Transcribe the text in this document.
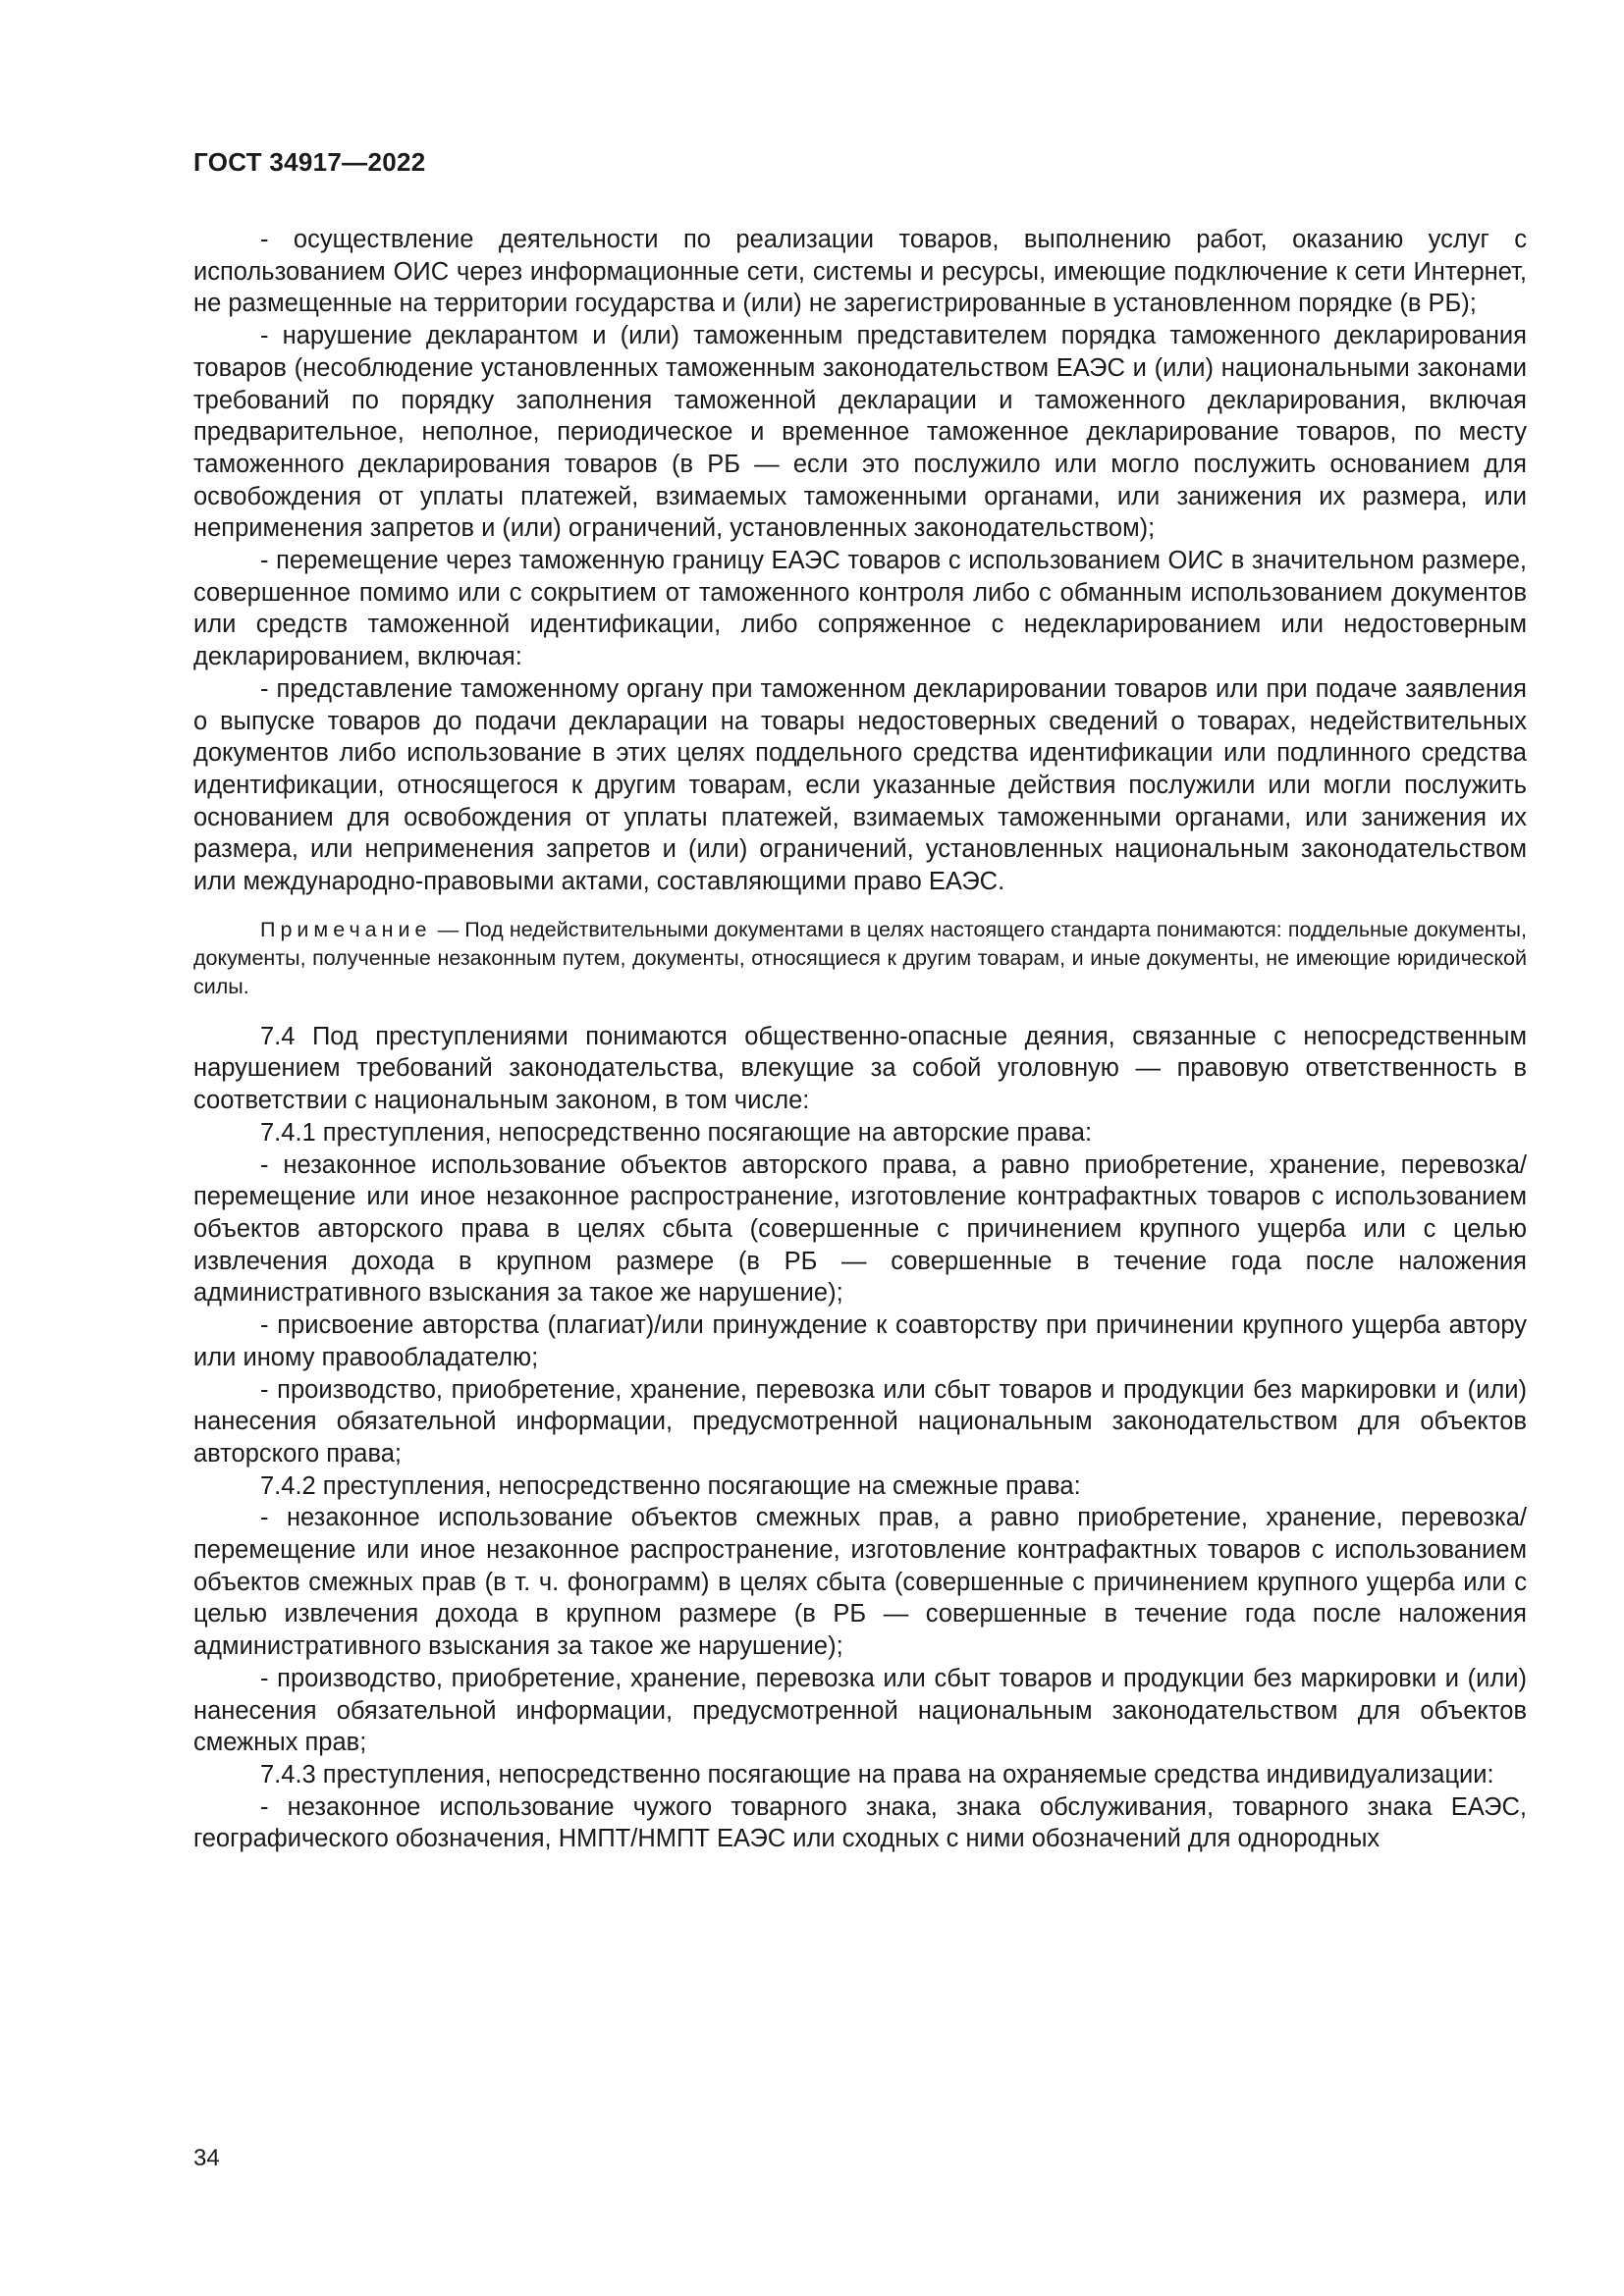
ГОСТ 34917—2022

- осуществление деятельности по реализации товаров, выполнению работ, оказанию услуг с использованием ОИС через информационные сети, системы и ресурсы, имеющие подключение к сети Интернет, не размещенные на территории государства и (или) не зарегистрированные в установленном порядке (в РБ);

- нарушение декларантом и (или) таможенным представителем порядка таможенного декларирования товаров (несоблюдение установленных таможенным законодательством ЕАЭС и (или) национальными законами требований по порядку заполнения таможенной декларации и таможенного декларирования, включая предварительное, неполное, периодическое и временное таможенное декларирование товаров, по месту таможенного декларирования товаров (в РБ — если это послужило или могло послужить основанием для освобождения от уплаты платежей, взимаемых таможенными органами, или занижения их размера, или неприменения запретов и (или) ограничений, установленных законодательством);

- перемещение через таможенную границу ЕАЭС товаров с использованием ОИС в значительном размере, совершенное помимо или с сокрытием от таможенного контроля либо с обманным использованием документов или средств таможенной идентификации, либо сопряженное с недекларированием или недостоверным декларированием, включая:

- представление таможенному органу при таможенном декларировании товаров или при подаче заявления о выпуске товаров до подачи декларации на товары недостоверных сведений о товарах, недействительных документов либо использование в этих целях поддельного средства идентификации или подлинного средства идентификации, относящегося к другим товарам, если указанные действия послужили или могли послужить основанием для освобождения от уплаты платежей, взимаемых таможенными органами, или занижения их размера, или неприменения запретов и (или) ограничений, установленных национальным законодательством или международно-правовыми актами, составляющими право ЕАЭС.

Примечание — Под недействительными документами в целях настоящего стандарта понимаются: поддельные документы, документы, полученные незаконным путем, документы, относящиеся к другим товарам, и иные документы, не имеющие юридической силы.

7.4 Под преступлениями понимаются общественно-опасные деяния, связанные с непосредственным нарушением требований законодательства, влекущие за собой уголовную — правовую ответственность в соответствии с национальным законом, в том числе:

7.4.1 преступления, непосредственно посягающие на авторские права:

- незаконное использование объектов авторского права, а равно приобретение, хранение, перевозка/перемещение или иное незаконное распространение, изготовление контрафактных товаров с использованием объектов авторского права в целях сбыта (совершенные с причинением крупного ущерба или с целью извлечения дохода в крупном размере (в РБ — совершенные в течение года после наложения административного взыскания за такое же нарушение);

- присвоение авторства (плагиат)/или принуждение к соавторству при причинении крупного ущерба автору или иному правообладателю;

- производство, приобретение, хранение, перевозка или сбыт товаров и продукции без маркировки и (или) нанесения обязательной информации, предусмотренной национальным законодательством для объектов авторского права;

7.4.2 преступления, непосредственно посягающие на смежные права:

- незаконное использование объектов смежных прав, а равно приобретение, хранение, перевозка/перемещение или иное незаконное распространение, изготовление контрафактных товаров с использованием объектов смежных прав (в т. ч. фонограмм) в целях сбыта (совершенные с причинением крупного ущерба или с целью извлечения дохода в крупном размере (в РБ — совершенные в течение года после наложения административного взыскания за такое же нарушение);

- производство, приобретение, хранение, перевозка или сбыт товаров и продукции без маркировки и (или) нанесения обязательной информации, предусмотренной национальным законодательством для объектов смежных прав;

7.4.3 преступления, непосредственно посягающие на права на охраняемые средства индивидуализации:

- незаконное использование чужого товарного знака, знака обслуживания, товарного знака ЕАЭС, географического обозначения, НМПТ/НМПТ ЕАЭС или сходных с ними обозначений для однородных

34
